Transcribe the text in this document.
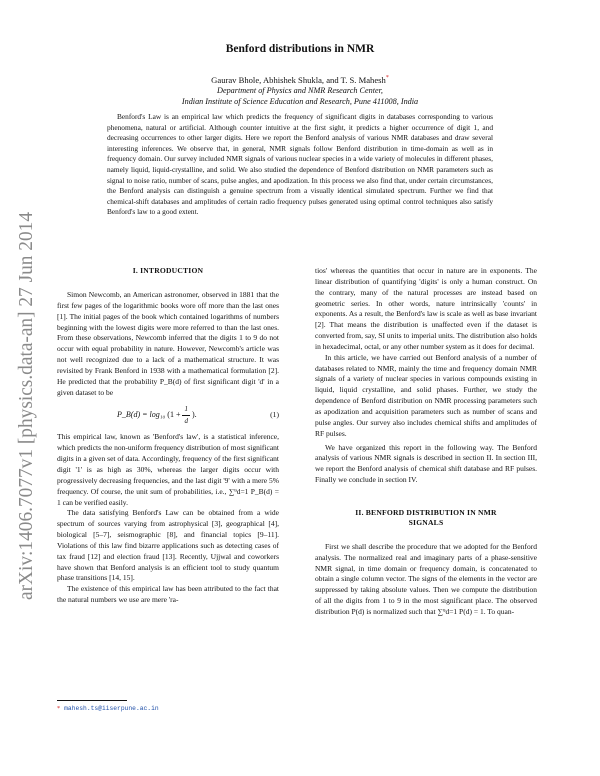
arXiv:1406.7077v1 [physics.data-an] 27 Jun 2014
Benford distributions in NMR
Gaurav Bhole, Abhishek Shukla, and T. S. Mahesh*
Department of Physics and NMR Research Center,
Indian Institute of Science Education and Research, Pune 411008, India
Benford's Law is an empirical law which predicts the frequency of significant digits in databases corresponding to various phenomena, natural or artificial. Although counter intuitive at the first sight, it predicts a higher occurrence of digit 1, and decreasing occurrences to other larger digits. Here we report the Benford analysis of various NMR databases and draw several interesting inferences. We observe that, in general, NMR signals follow Benford distribution in time-domain as well as in frequency domain. Our survey included NMR signals of various nuclear species in a wide variety of molecules in different phases, namely liquid, liquid-crystalline, and solid. We also studied the dependence of Benford distribution on NMR parameters such as signal to noise ratio, number of scans, pulse angles, and apodization. In this process we also find that, under certain circumstances, the Benford analysis can distinguish a genuine spectrum from a visually identical simulated spectrum. Further we find that chemical-shift databases and amplitudes of certain radio frequency pulses generated using optimal control techniques also satisfy Benford's law to a good extent.
I. INTRODUCTION

Simon Newcomb, an American astronomer, observed in 1881 that the first few pages of the logarithmic books wore off more than the last ones [1]. The initial pages of the book which contained logarithms of numbers beginning with the lowest digits were more referred to than the last ones. From these observations, Newcomb inferred that the digits 1 to 9 do not occur with equal probability in nature. However, Newcomb's article was not well recognized due to a lack of a mathematical structure. It was revisited by Frank Benford in 1938 with a mathematical formulation [2]. He predicted that the probability P_B(d) of first significant digit 'd' in a given dataset to be

P_B(d) = log₁₀ ($1 + \frac{1}{d}$ ).	(1)

This empirical law, known as 'Benford's law', is a statistical inference, which predicts the non-uniform frequency distribution of most significant digits in a given set of data. Accordingly, frequency of the first significant digit '1' is as high as 30%, whereas the larger digits occur with progressively decreasing frequencies, and the last digit '9' with a mere 5% frequency. Of course, the unit sum of probabilities, i.e., ∑⁹d=1 P_B(d) = 1 can be verified easily.

The data satisfying Benford's Law can be obtained from a wide spectrum of sources varying from astrophysical [3], geographical [4], biological [5–7], seismographic [8], and financial topics [9–11]. Violations of this law find bizarre applications such as detecting cases of tax fraud [12] and election fraud [13]. Recently, Ujjwal and coworkers have shown that Benford analysis is an efficient tool to study quantum phase transitions [14, 15].

The existence of this empirical law has been attributed to the fact that the natural numbers we use are mere 'ra-

tios' whereas the quantities that occur in nature are in exponents. The linear distribution of quantifying 'digits' is only a human construct. On the contrary, many of the natural processes are instead based on geometric series. In other words, nature intrinsically 'counts' in exponents. As a result, the Benford's law is scale as well as base invariant [2]. That means the distribution is unaffected even if the dataset is converted from, say, SI units to imperial units. The distribution also holds in hexadecimal, octal, or any other number system as it does for decimal.

In this article, we have carried out Benford analysis of a number of databases related to NMR, mainly the time and frequency domain NMR signals of a variety of nuclear species in various compounds existing in liquid, liquid crystalline, and solid phases. Further, we study the dependence of Benford distribution on NMR processing parameters such as apodization and acquisition parameters such as number of scans and pulse angles. Our survey also includes chemical shifts and amplitudes of RF pulses.

We have organized this report in the following way. The Benford analysis of various NMR signals is described in section II. In section III, we report the Benford analysis of chemical shift database and RF pulses. Finally we conclude in section IV.

II. BENFORD DISTRIBUTION IN NMR
SIGNALS

First we shall describe the procedure that we adopted for the Benford analysis. The normalized real and imaginary parts of a phase-sensitive NMR signal, in time domain or frequency domain, is concatenated to obtain a single column vector. The signs of the elements in the vector are suppressed by taking absolute values. Then we compute the distribution of all the digits from 1 to 9 in the most significant place. The observed distribution P(d) is normalized such that ∑⁹d=1 P(d) = 1. To quan-

* mahesh.ts@iiserpune.ac.in
